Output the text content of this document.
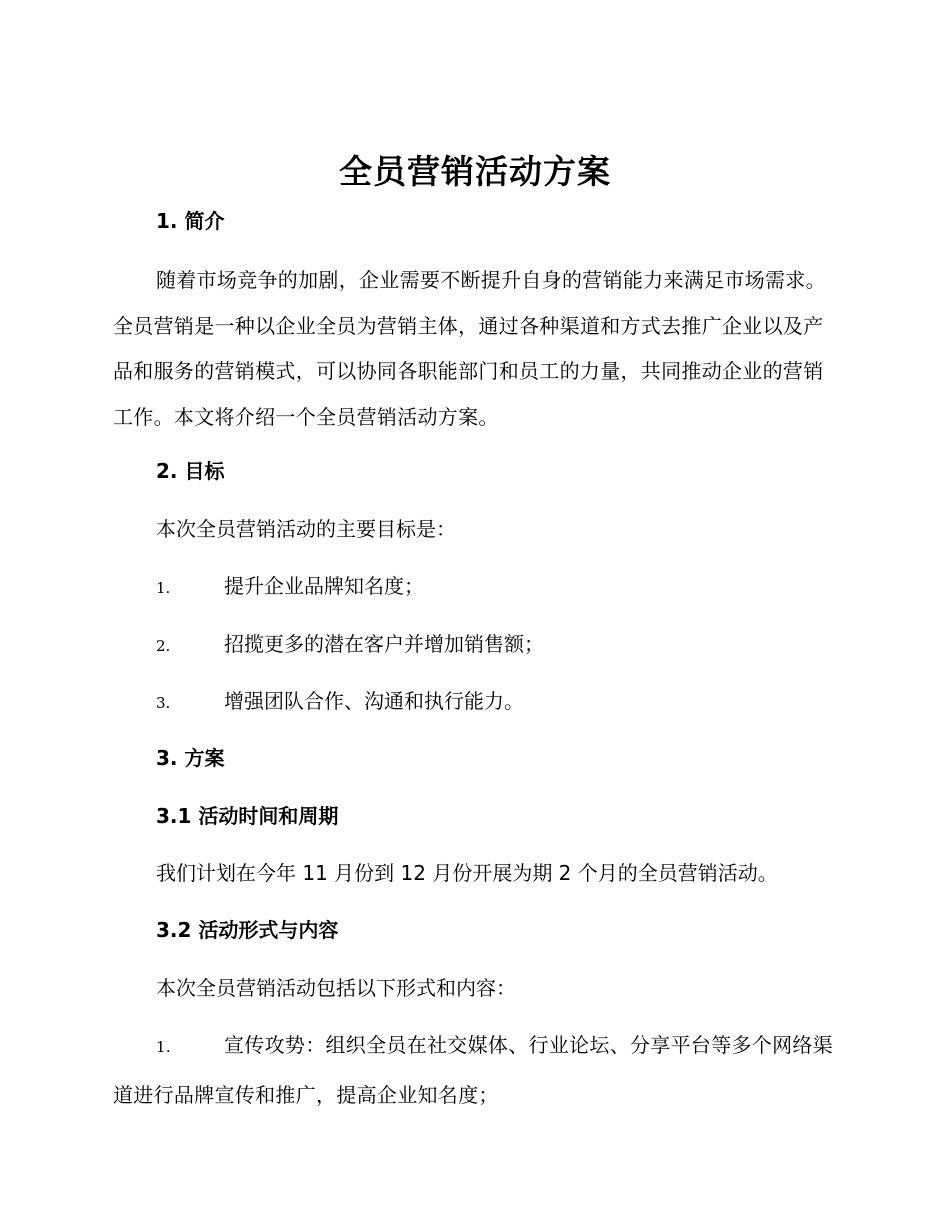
全员营销活动方案
1. 简介

随着市场竞争的加剧，企业需要不断提升自身的营销能力来满足市场需求。全员营销是一种以企业全员为营销主体，通过各种渠道和方式去推广企业以及产品和服务的营销模式，可以协同各职能部门和员工的力量，共同推动企业的营销工作。本文将介绍一个全员营销活动方案。

2. 目标
本次全员营销活动的主要目标是：
1.	提升企业品牌知名度；
2.	招揽更多的潜在客户并增加销售额；
3.	增强团队合作、沟通和执行能力。
3. 方案
3.1 活动时间和周期
我们计划在今年 11 月份到 12 月份开展为期 2 个月的全员营销活动。
3.2 活动形式与内容
本次全员营销活动包括以下形式和内容：

1.	宣传攻势：组织全员在社交媒体、行业论坛、分享平台等多个网络渠道进行品牌宣传和推广，提高企业知名度；
